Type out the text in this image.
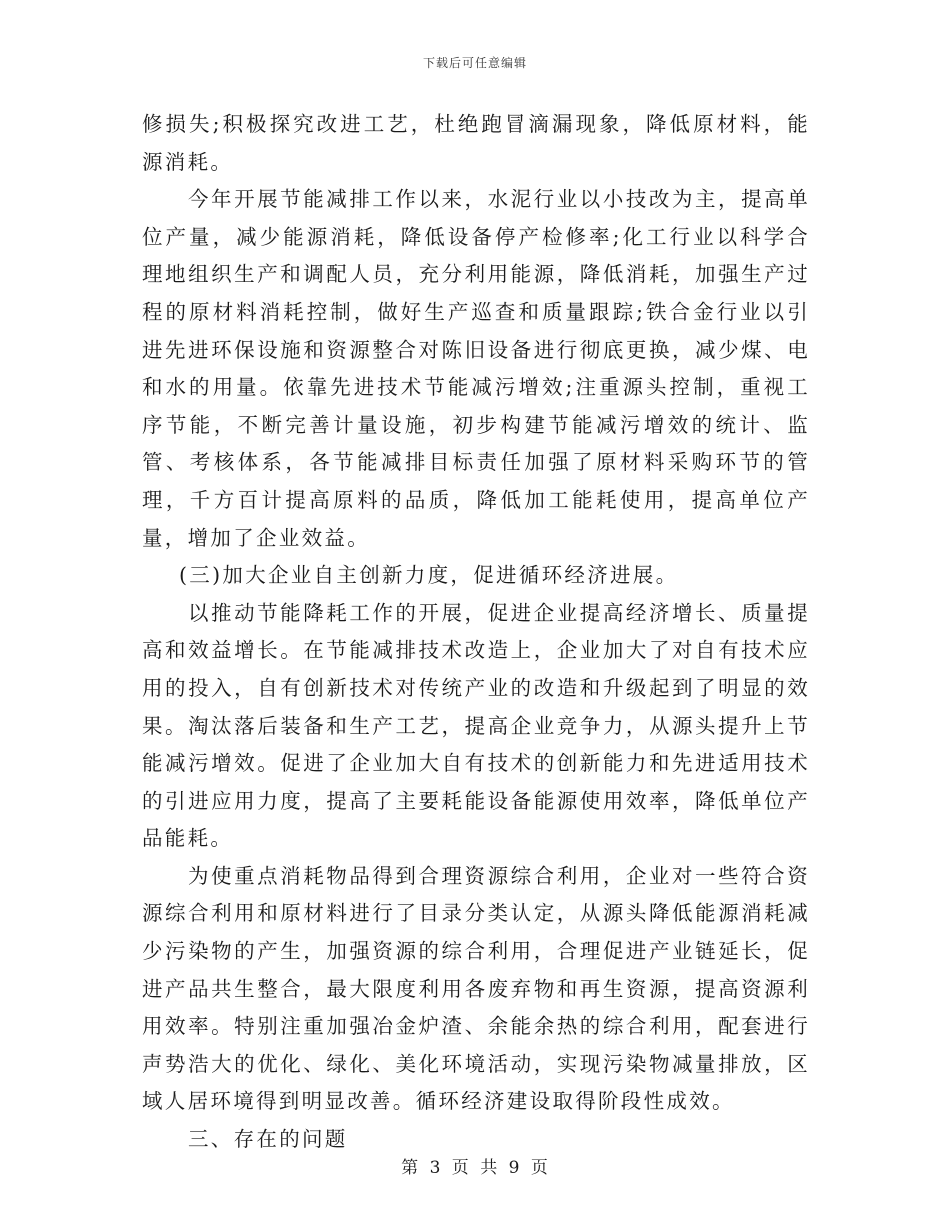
下载后可任意编辑

修损失;积极探究改进工艺，杜绝跑冒滴漏现象，降低原材料，能源消耗。

今年开展节能减排工作以来，水泥行业以小技改为主，提高单位产量，减少能源消耗，降低设备停产检修率;化工行业以科学合理地组织生产和调配人员，充分利用能源，降低消耗，加强生产过程的原材料消耗控制，做好生产巡查和质量跟踪;铁合金行业以引进先进环保设施和资源整合对陈旧设备进行彻底更换，减少煤、电和水的用量。依靠先进技术节能减污增效;注重源头控制，重视工序节能，不断完善计量设施，初步构建节能减污增效的统计、监管、考核体系，各节能减排目标责任加强了原材料采购环节的管理，千方百计提高原料的品质，降低加工能耗使用，提高单位产量，增加了企业效益。

(三)加大企业自主创新力度，促进循环经济进展。

以推动节能降耗工作的开展，促进企业提高经济增长、质量提高和效益增长。在节能减排技术改造上，企业加大了对自有技术应用的投入，自有创新技术对传统产业的改造和升级起到了明显的效果。淘汰落后装备和生产工艺，提高企业竞争力，从源头提升上节能减污增效。促进了企业加大自有技术的创新能力和先进适用技术的引进应用力度，提高了主要耗能设备能源使用效率，降低单位产品能耗。

为使重点消耗物品得到合理资源综合利用，企业对一些符合资源综合利用和原材料进行了目录分类认定，从源头降低能源消耗减少污染物的产生，加强资源的综合利用，合理促进产业链延长，促进产品共生整合，最大限度利用各废弃物和再生资源，提高资源利用效率。特别注重加强冶金炉渣、余能余热的综合利用，配套进行声势浩大的优化、绿化、美化环境活动，实现污染物减量排放，区域人居环境得到明显改善。循环经济建设取得阶段性成效。

三、存在的问题

第 3 页 共 9 页
